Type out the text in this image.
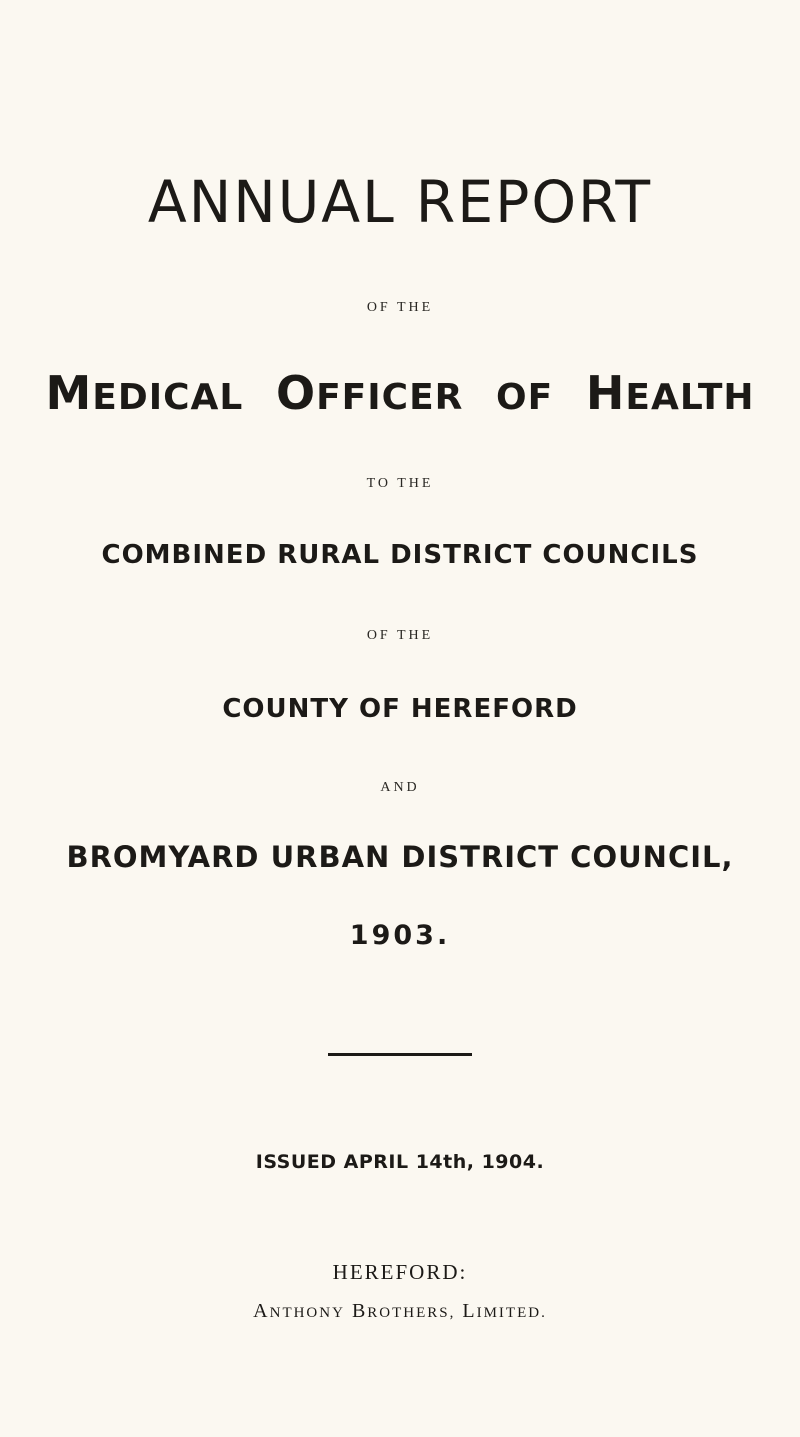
ANNUAL REPORT

OF THE

MEDICAL OFFICER OF HEALTH

TO THE

COMBINED RURAL DISTRICT COUNCILS

OF THE

COUNTY OF HEREFORD

AND

BROMYARD URBAN DISTRICT COUNCIL,

1903.

ISSUED APRIL 14th, 1904.

HEREFORD:

ANTHONY BROTHERS, LIMITED.
